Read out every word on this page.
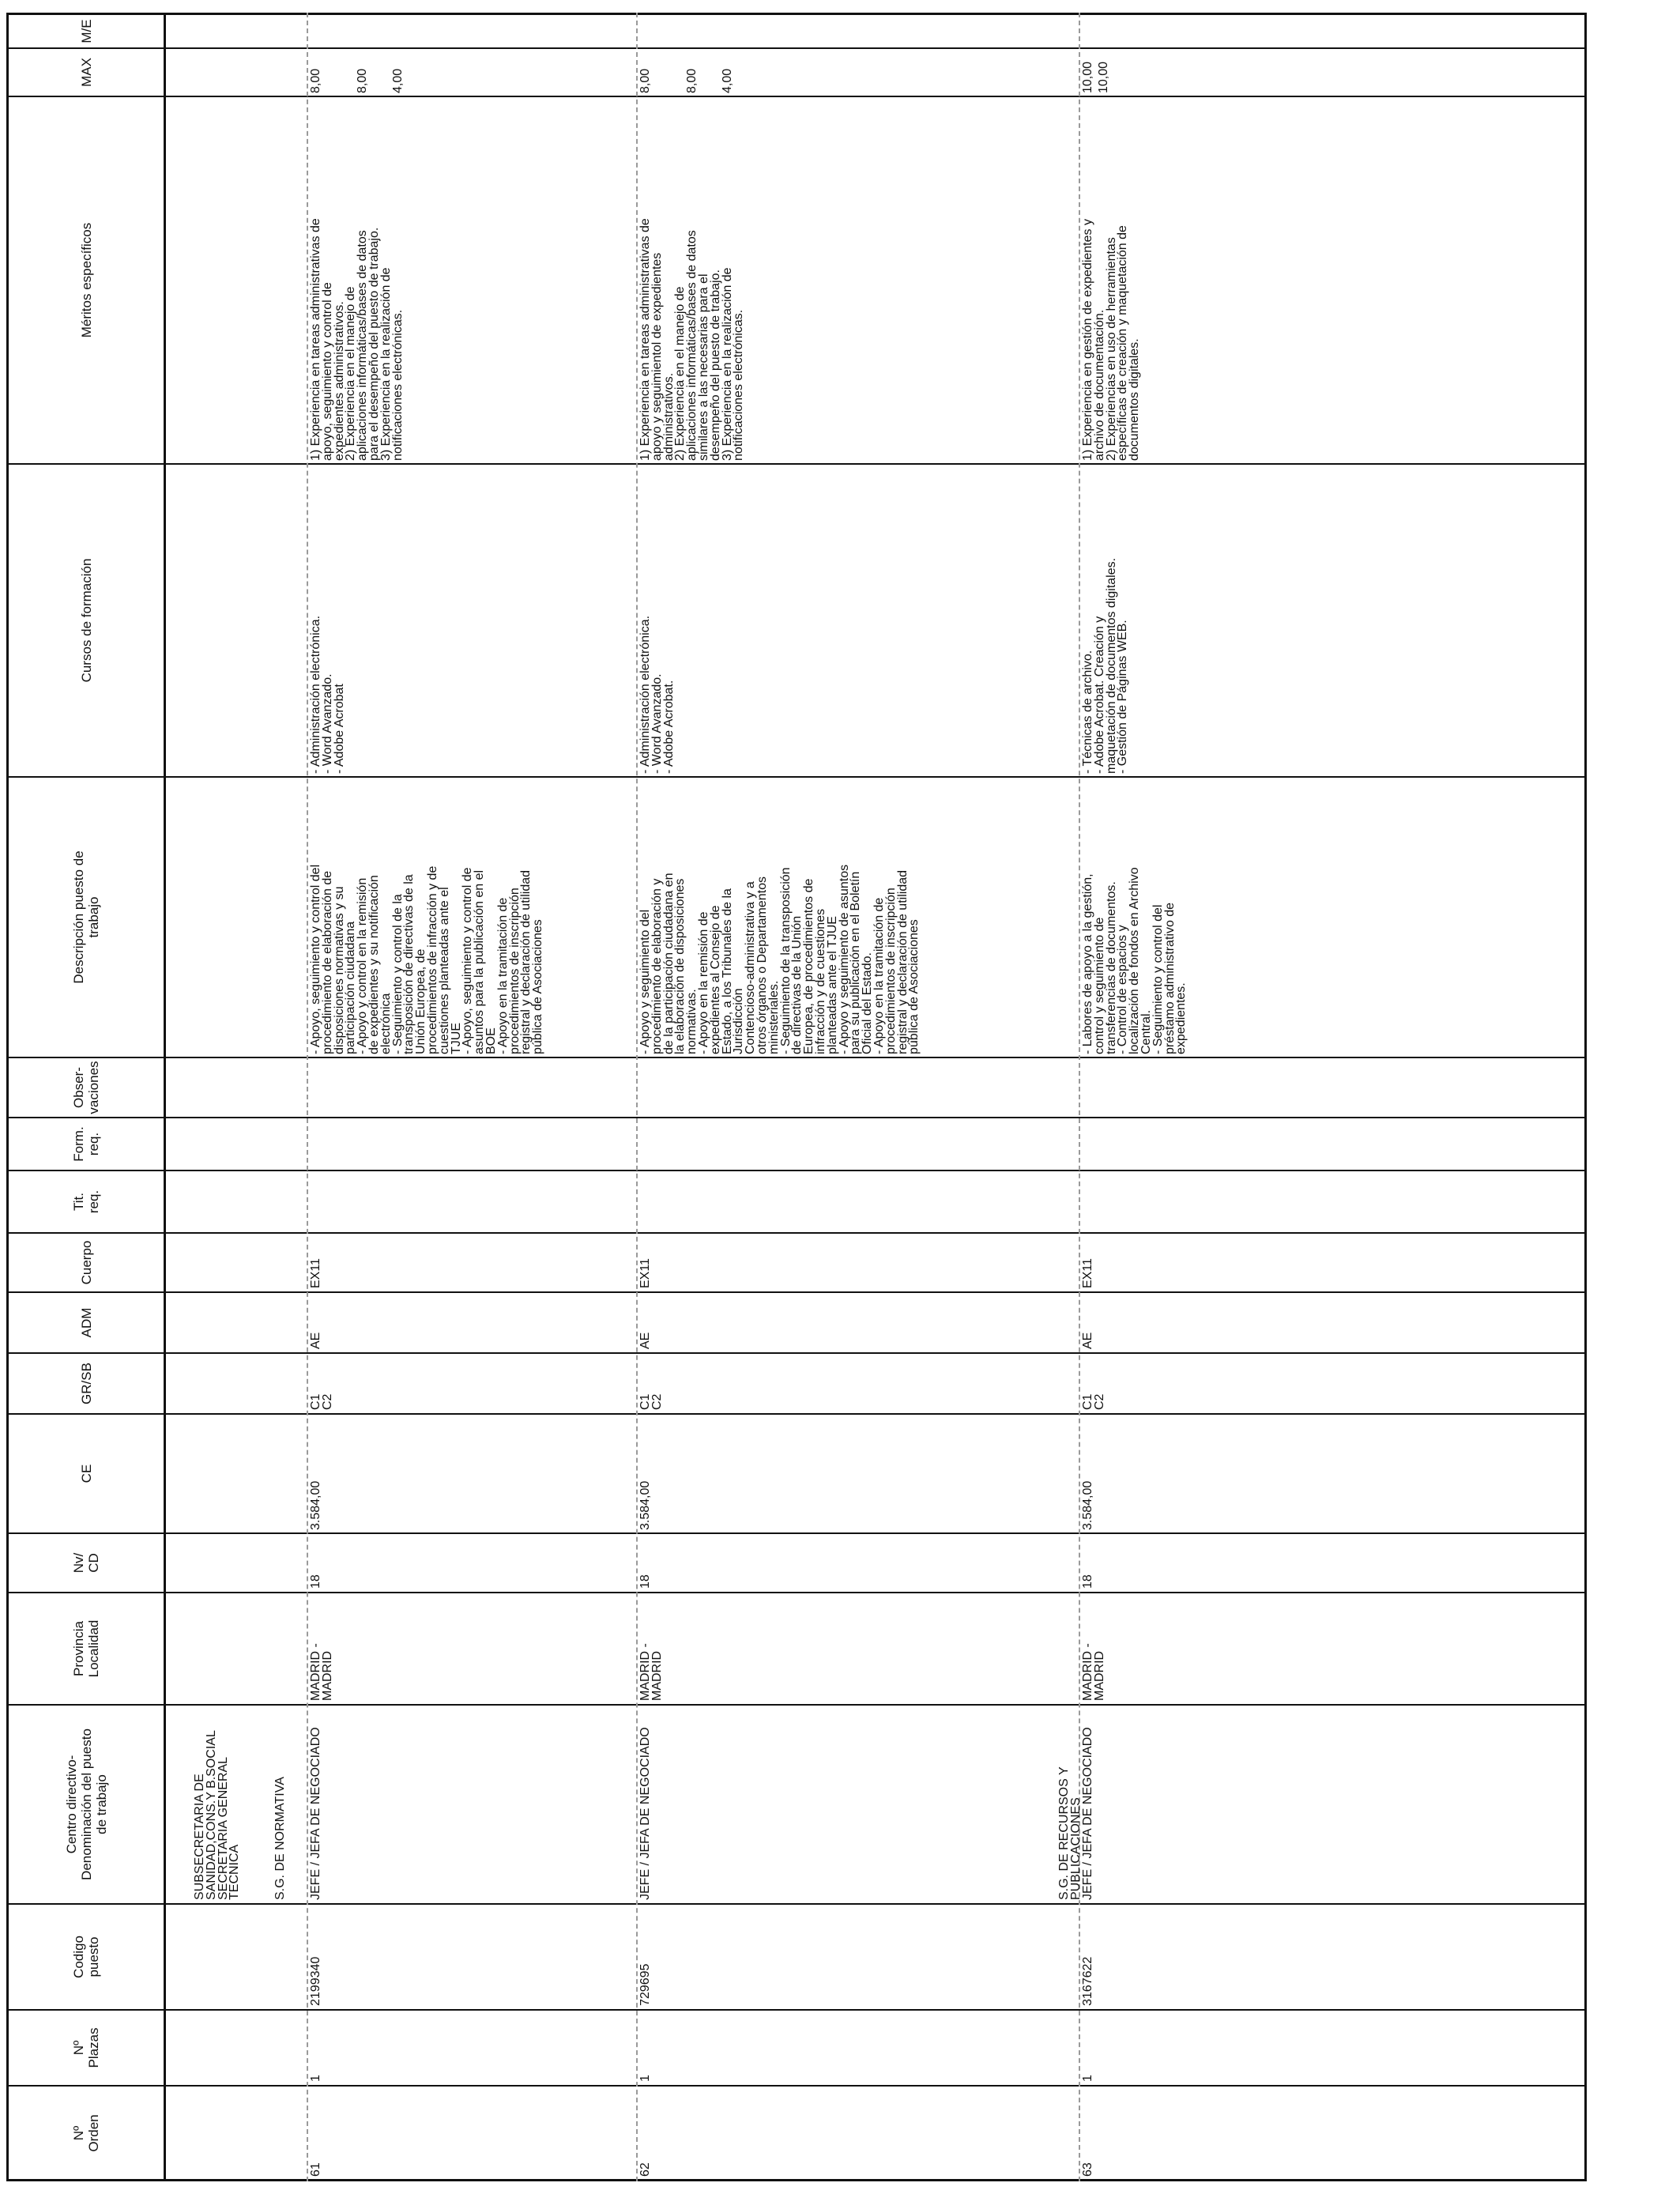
Nº
Orden
Nº
Plazas
Codigo
puesto
Centro directivo-
Denominación del puesto
de trabajo
Provincia
Localidad
Nv/
CD
CE
GR/SB
ADM
Cuerpo
Tit.
req.
Form.
req.
Obser-
vaciones
Descripción puesto de
trabajo
Cursos de formación
Méritos específicos
MAX
M/E
SUBSECRETARIA DE
SANIDAD,CONS.Y B.SOCIAL
SECRETARIA GENERAL
TECNICA
61
1
2199340
S.G. DE NORMATIVA JEFE / JEFA DE NEGOCIADO
MADRID -
MADRID
18
3.584,00
C1
C2
AE
EX11
- Apoyo, seguimiento y control del
procedimiento de elaboración de
disposiciones normativas y su
participación ciudadana
- Apoyo y control en la remisión
de expedientes y su notificación
electrónica
- Seguimiento y control de la
transposición de directivas de la
Unión Europea, de
procedimientos de infracción y de
cuestiones planteadas ante el
TJUE
- Apoyo, seguimiento y control de
asuntos para la publicación en el
BOE
- Apoyo en la tramitación de
procedimientos de inscripción
registral y declaración de utilidad
pública de Asociaciones
- Administración electrónica.
- Word Avanzado.
- Adobe Acrobat
1) Experiencia en tareas administrativas de
apoyo, seguimiento y control de
expedientes administrativos.
2) Experiencia en el manejo de
aplicaciones informáticas/bases de datos
para el desempeño del puesto de trabajo.
3) Experiencia en la realización de
notificaciones electrónicas.
8,00	8,00 4,00
62
1
729695
JEFE / JEFA DE NEGOCIADO
MADRID -
MADRID
18
3.584,00
C1
C2
AE
EX11
- Apoyo y seguimiento del
procedimiento de elaboración y
de la participación ciudadana en
la elaboración de disposiciones
normativas.
- Apoyo en la remisión de
expedientes al Consejo de
Estado, a los Tribunales de la
Jurisdicción
Contencioso-administrativa y a
otros órganos o Departamentos
ministeriales.
- Seguimiento de la transposición
de directivas de la Unión
Europea, de procedimientos de
infracción y de cuestiones
planteadas ante el TJUE
- Apoyo y seguimiento de asuntos
para su publicación en el Boletín
Oficial del Estado.
- Apoyo en la tramitación de
procedimientos de inscripción
registral y declaración de utilidad
pública de Asociaciones
- Administración electrónica.
- Word Avanzado.
- Adobe Acrobat.
1) Experiencia en tareas administrativas de
apoyo y seguimientol de expedientes
administrativos.
2) Experiencia en el manejo de
aplicaciones informáticas/bases de datos
similares a las necesarias para el
desempeño del puesto de trabajo.
3) Experiencia en la realización de
notificaciones electrónicas.
8,00	8,00 4,00
63
1
3167622
S.G. DE RECURSOS Y
PUBLICACIONES
JEFE / JEFA DE NEGOCIADO
MADRID -
MADRID
18
3.584,00
C1
C2
AE
EX11
- Labores de apoyo a la gestión,
control y seguimiento de
transferencias de documentos.
- Control de espacios y
localización de fondos en Archivo
Central.
- Seguimiento y control del
préstamo administrativo de
expedientes.
- Técnicas de archivo.
- Adobe Acrobat. Creación y
maquetación de documentos digitales.
- Gestión de Páginas WEB.
1) Experiencia en gestión de expedientes y
archivo de documentación.
2) Experiencias en uso de herramientas
específicas de creación y maquetación de
documentos digitales.
10,00 10,00
